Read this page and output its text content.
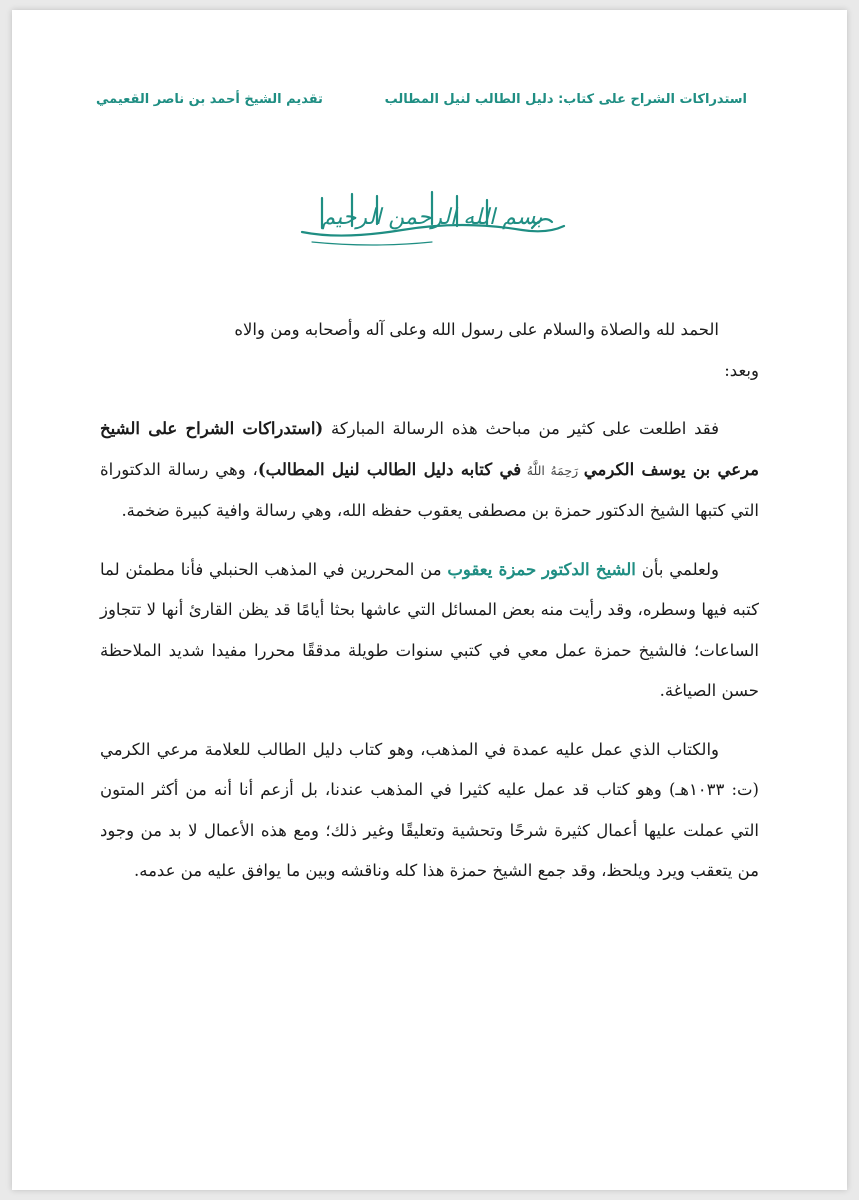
استدراكات الشراح على كتاب: دليل الطالب لنيل المطالب
تقديم الشيخ أحمد بن ناصر القعيمي
بسم الله الرحمن الرحيم

الحمد لله والصلاة والسلام على رسول الله وعلى آله وأصحابه ومن والاه

وبعد:

فقد اطلعت على كثير من مباحث هذه الرسالة المباركة (استدراكات الشراح على الشيخ مرعي بن يوسف الكرمي رَحِمَهُ اللَّهُ في كتابه دليل الطالب لنيل المطالب)، وهي رسالة الدكتوراة التي كتبها الشيخ الدكتور حمزة بن مصطفى يعقوب حفظه الله، وهي رسالة وافية كبيرة ضخمة.

ولعلمي بأن الشيخ الدكتور حمزة يعقوب من المحررين في المذهب الحنبلي فأنا مطمئن لما كتبه فيها وسطره، وقد رأيت منه بعض المسائل التي عاشها بحثا أيامًا قد يظن القارئ أنها لا تتجاوز الساعات؛ فالشيخ حمزة عمل معي في كتبي سنوات طويلة مدققًا محررا مفيدا شديد الملاحظة حسن الصياغة.

والكتاب الذي عمل عليه عمدة في المذهب، وهو كتاب دليل الطالب للعلامة مرعي الكرمي (ت: ١٠٣٣هـ) وهو كتاب قد عمل عليه كثيرا في المذهب عندنا، بل أزعم أنا أنه من أكثر المتون التي عملت عليها أعمال كثيرة شرحًا وتحشية وتعليقًا وغير ذلك؛ ومع هذه الأعمال لا بد من وجود من يتعقب ويرد ويلحظ، وقد جمع الشيخ حمزة هذا كله وناقشه وبين ما يوافق عليه من عدمه.
